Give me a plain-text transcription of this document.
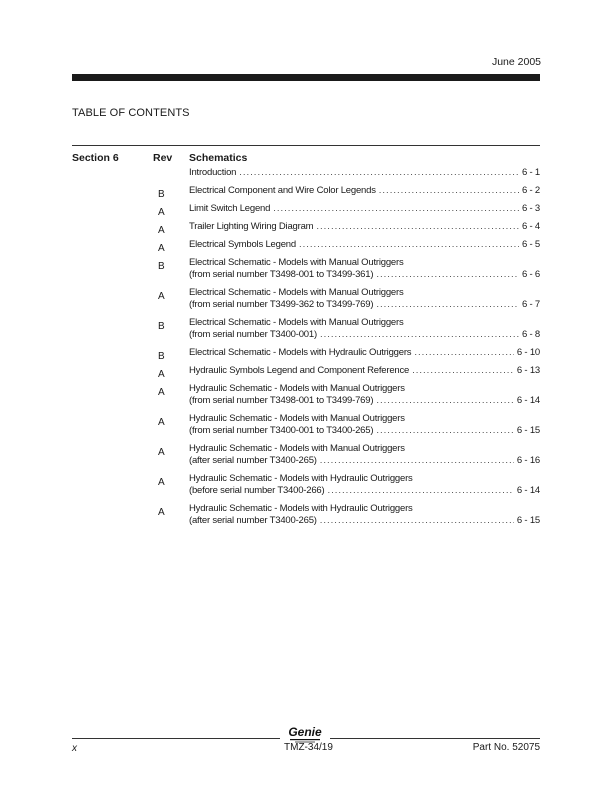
June 2005
TABLE OF CONTENTS
Section 6	Rev Schematics
Introduction .....	6 - 1
B	Electrical Component and Wire Color Legends .....	6 - 2
A	Limit Switch Legend .....	6 - 3
A	Trailer Lighting Wiring Diagram .....	6 - 4
A	Electrical Symbols Legend .....	6 - 5
B	Electrical Schematic - Models with Manual Outriggers
(from serial number T3498-001 to T3499-361) .....	6 - 6
A	Electrical Schematic - Models with Manual Outriggers
(from serial number T3499-362 to T3499-769) .....	6 - 7
B	Electrical Schematic - Models with Manual Outriggers
(from serial number T3400-001) .....	6 - 8
B	Electrical Schematic - Models with Hydraulic Outriggers .....	6 - 10
A	Hydraulic Symbols Legend and Component Reference .....	6 - 13
A	Hydraulic Schematic - Models with Manual Outriggers
(from serial number T3498-001 to T3499-769) .....	6 - 14
A	Hydraulic Schematic - Models with Manual Outriggers
(from serial number T3400-001 to T3400-265) .....	6 - 15
A	Hydraulic Schematic - Models with Manual Outriggers
(after serial number T3400-265) .....	6 - 16
A	Hydraulic Schematic - Models with Hydraulic Outriggers
(before serial number T3400-266) .....	6 - 14
A	Hydraulic Schematic - Models with Hydraulic Outriggers
(after serial number T3400-265) .....	6 - 15
Genie
x	TMZ-34/19	Part No. 52075
